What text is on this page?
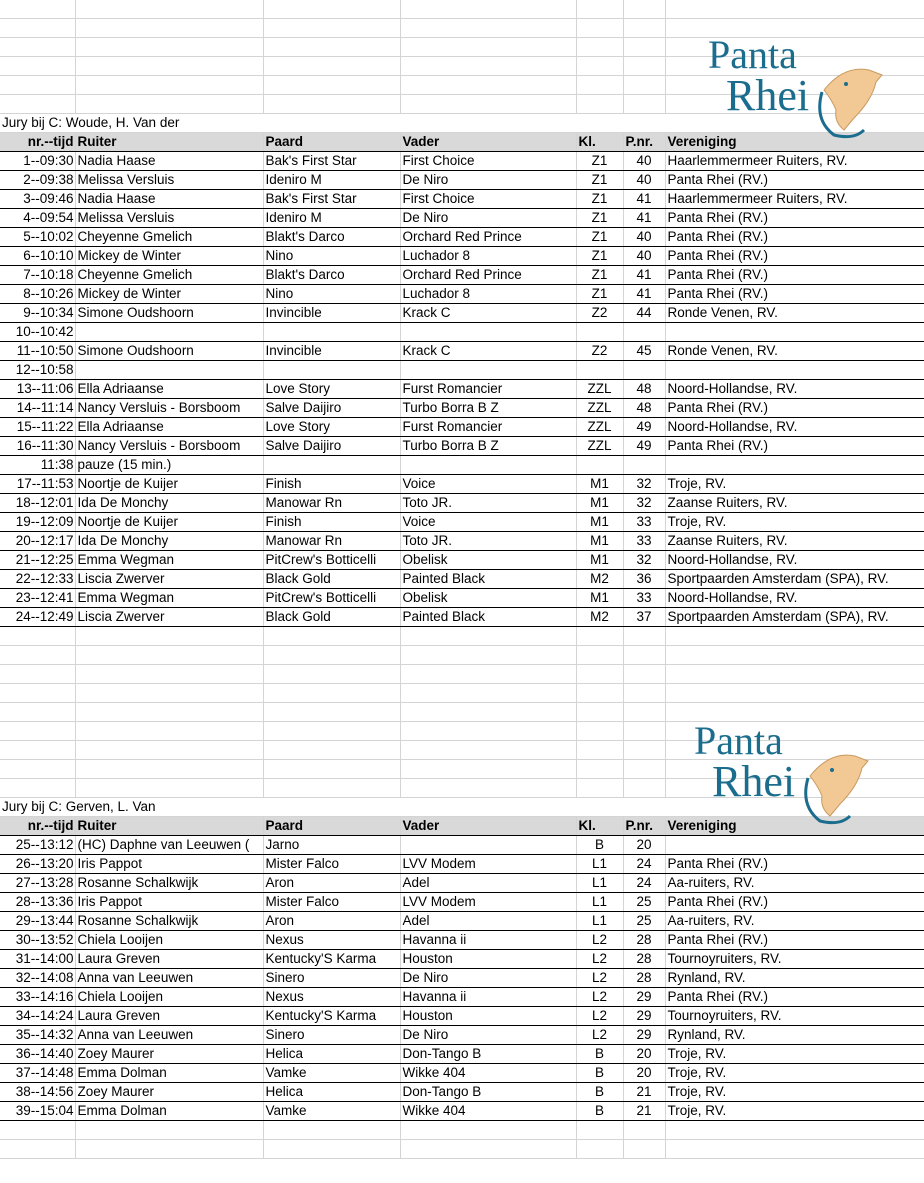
Jury bij C: Woude, H. Van der						
nr.--tijd	Ruiter	Paard	Vader	Kl.	P.nr.	Vereniging
1--09:30	Nadia Haase	Bak's First Star	First Choice	Z1	40	Haarlemmermeer Ruiters, RV.
2--09:38	Melissa Versluis	Ideniro M	De Niro	Z1	40	Panta Rhei (RV.)
3--09:46	Nadia Haase	Bak's First Star	First Choice	Z1	41	Haarlemmermeer Ruiters, RV.
4--09:54	Melissa Versluis	Ideniro M	De Niro	Z1	41	Panta Rhei (RV.)
5--10:02	Cheyenne Gmelich	Blakt's Darco	Orchard Red Prince	Z1	40	Panta Rhei (RV.)
6--10:10	Mickey de Winter	Nino	Luchador 8	Z1	40	Panta Rhei (RV.)
7--10:18	Cheyenne Gmelich	Blakt's Darco	Orchard Red Prince	Z1	41	Panta Rhei (RV.)
8--10:26	Mickey de Winter	Nino	Luchador 8	Z1	41	Panta Rhei (RV.)
9--10:34	Simone Oudshoorn	Invincible	Krack C	Z2	44	Ronde Venen, RV.
10--10:42						
11--10:50	Simone Oudshoorn	Invincible	Krack C	Z2	45	Ronde Venen, RV.
12--10:58						
13--11:06	Ella Adriaanse	Love Story	Furst Romancier	ZZL	48	Noord-Hollandse, RV.
14--11:14	Nancy Versluis - Borsboom	Salve Daijiro	Turbo Borra B Z	ZZL	48	Panta Rhei (RV.)
15--11:22	Ella Adriaanse	Love Story	Furst Romancier	ZZL	49	Noord-Hollandse, RV.
16--11:30	Nancy Versluis - Borsboom	Salve Daijiro	Turbo Borra B Z	ZZL	49	Panta Rhei (RV.)
11:38	pauze (15 min.)					
17--11:53	Noortje de Kuijer	Finish	Voice	M1	32	Troje, RV.
18--12:01	Ida De Monchy	Manowar Rn	Toto JR.	M1	32	Zaanse Ruiters, RV.
19--12:09	Noortje de Kuijer	Finish	Voice	M1	33	Troje, RV.
20--12:17	Ida De Monchy	Manowar Rn	Toto JR.	M1	33	Zaanse Ruiters, RV.
21--12:25	Emma Wegman	PitCrew's Botticelli	Obelisk	M1	32	Noord-Hollandse, RV.
22--12:33	Liscia Zwerver	Black Gold	Painted Black	M2	36	Sportpaarden Amsterdam (SPA), RV.
23--12:41	Emma Wegman	PitCrew's Botticelli	Obelisk	M1	33	Noord-Hollandse, RV.
24--12:49	Liscia Zwerver	Black Gold	Painted Black	M2	37	Sportpaarden Amsterdam (SPA), RV.

Jury bij C: Gerven, L. Van						
nr.--tijd	Ruiter	Paard	Vader	Kl.	P.nr.	Vereniging
25--13:12	(HC) Daphne van Leeuwen (	Jarno		B	20	
26--13:20	Iris Pappot	Mister Falco	LVV Modem	L1	24	Panta Rhei (RV.)
27--13:28	Rosanne Schalkwijk	Aron	Adel	L1	24	Aa-ruiters, RV.
28--13:36	Iris Pappot	Mister Falco	LVV Modem	L1	25	Panta Rhei (RV.)
29--13:44	Rosanne Schalkwijk	Aron	Adel	L1	25	Aa-ruiters, RV.
30--13:52	Chiela Looijen	Nexus	Havanna ii	L2	28	Panta Rhei (RV.)
31--14:00	Laura Greven	Kentucky'S Karma	Houston	L2	28	Tournoyruiters, RV.
32--14:08	Anna van Leeuwen	Sinero	De Niro	L2	28	Rynland, RV.
33--14:16	Chiela Looijen	Nexus	Havanna ii	L2	29	Panta Rhei (RV.)
34--14:24	Laura Greven	Kentucky'S Karma	Houston	L2	29	Tournoyruiters, RV.
35--14:32	Anna van Leeuwen	Sinero	De Niro	L2	29	Rynland, RV.
36--14:40	Zoey Maurer	Helica	Don-Tango B	B	20	Troje, RV.
37--14:48	Emma Dolman	Vamke	Wikke 404	B	20	Troje, RV.
38--14:56	Zoey Maurer	Helica	Don-Tango B	B	21	Troje, RV.
39--15:04	Emma Dolman	Vamke	Wikke 404	B	21	Troje, RV.

Panta
Rhei
Panta
Rhei
